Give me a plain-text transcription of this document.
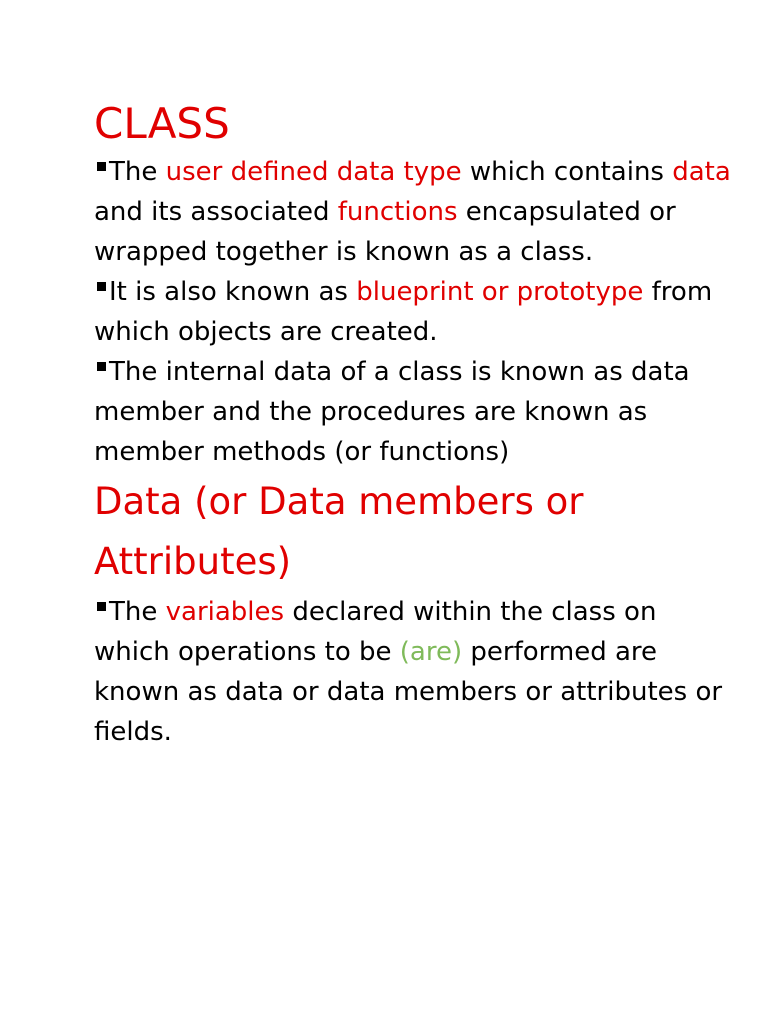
CLASS

The user defined data type which contains data and its associated functions encapsulated or wrapped together is known as a class.

It is also known as blueprint or prototype from which objects are created.

The internal data of a class is known as data member and the procedures are known as member methods (or functions)

Data (or Data members or Attributes)

The variables declared within the class on which operations to be (are) performed are known as data or data members or attributes or fields.
